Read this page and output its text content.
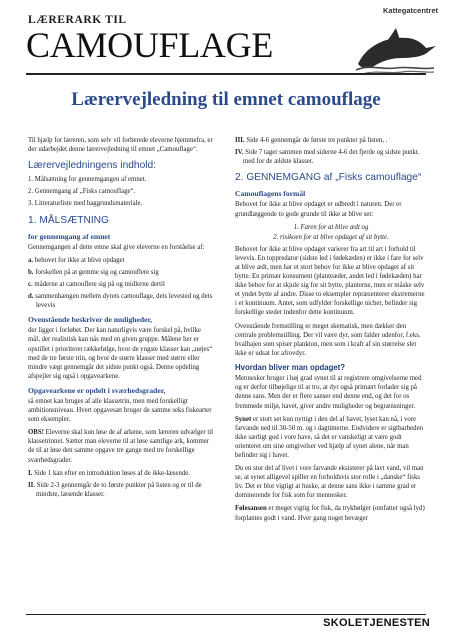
Kattegatcentret
LÆRERARK TIL
CAMOUFLAGE
Lærervejledning til emnet camouflage

Til hjælp for læreren, som selv vil forberede eleverne hjemmefra, er der udarbejdet denne lærervejledning til emnet „Camouflage“.

Lærervejledningens indhold:
1. Målsætning for gennemgangen af emnet.
2. Gennemgang af „Fisks camouflage“.
3. Litteraturliste med baggrundsmateriale.
1. MÅLSÆTNING
for gennemgang af emnet

Gennemgangen af dette emne skal give eleverne en forståelse af:

a. behovet for ikke at blive opdaget
b. forskellen på at gemme sig og camouflere sig
c. måderne at camouflere sig på og midlerne dertil
d. sammenhængen mellem dyrets camouflage, dets levested og dets levevis
Ovenstående beskriver de muligheder,

der ligger i forløbet. Der kan naturligvis være forskel på, hvilke mål, der realistisk kan nås med en given gruppe. Målene her er opstillet i prioriteret rækkefølge, hvor de yngste klasser kan „nøjes“ med de tre første trin, og hvor de større klasser med større eller mindre vægt gennemgår det sidste punkt også. Denne opdeling afspejler sig også i opgavearkene.

Opgavearkene er opdelt i sværhedsgrader,

så emnet kan bruges af alle klassetrin, men med forskelligt ambitionsniveau. Hvert opgavesæt bruger de samme seks fiskearter som eksempler.

OBS! Eleverne skal kun løse de af arkene, som læreren udvælger til klassetrinnet. Sætter man eleverne til at løse samtlige ark, kommer de til at løse den samme opgave tre gange med tre forskellige sværhedsgrader.

I. Side 1 kan efter en introduktion løses af de ikke-læsende.
II. Side 2-3 gennemgår de to første punkter på listen og er til de mindste, læsende klasser.
III. Side 4-6 gennemgår de første tre punkter på listen, .
IV. Side 7 tager sammen med siderne 4-6 det fjerde og sidste punkt. med for de ældste klasser.
2. GENNEMGANG af „Fisks camouflage“
Camouflagens formål

Behovet for ikke at blive opdaget er udbredt i naturen. Der er grundlæggende to gode grunde til ikke at blive set:

1. Faren for at blive ædt og
2. risikoen for at blive opdaget af sit bytte.

Behovet for ikke at blive opdaget varierer fra art til art i forhold til levevis. En toppredator (sidste led i fødekæden) er ikke i fare for selv at blive ædt, men har et stort behov for ikke at blive opdaget af sit bytte. En primær konsument (planteæder, andet led i fødekæden) har ikke behov for at skjule sig for sit bytte, planterne, men er måske selv et yndet bytte af andre. Disse to eksempler repræsenterer ekstremerne i et kontinuum. Antet, som udfylder forskellige nicher, befinder sig forskellige steder indenfor dette kontinuum.

Ovenstående fremstilling er meget skematisk, men dækker den centrale problemstilling. Der vil være dyr, som falder udenfor, f.eks. hvalhajen som spiser plankton, men som i kraft af sin størrelse slet ikke er udsat for afrovdyr.

Hvordan bliver man opdaget?

Mennesker bruger i høj grad synet til at registrere omgivelserne med og er derfor tilbøjelige til at tro, at dyr også primært forlader sig på denne sans. Men der er flere sanser end denne end, og det for os fremmede miljø, havet, giver andre muligheder og begrænsninger.

Synet er stort set kun nyttigt i den del af havet, lyset kan nå, i vore farvande ned til 30-50 m. og i dagtimerne. Endvidere er sigtbarheden ikke særligt god i vore have, så det er vanskeligt at være godt orienteret om sine omgivelser ved hjælp af synet alene, når man befinder sig i havet.

Du en stor del af livet i vore farvande eksisterer på lavt vand, vil man se, at synet alligevel spiller en forholdsvis stor rolle i „danske“ fisks liv. Det er blot vigtigt at huske, at denne sans ikke i samme grad er dominerende for fisk som for mennesker.

Følesansen er meget vigtig for fisk, da trykbølger (omfatter også lyd) forplantes godt i vand. Hver gang noget bevæger

SKOLETJENESTEN
